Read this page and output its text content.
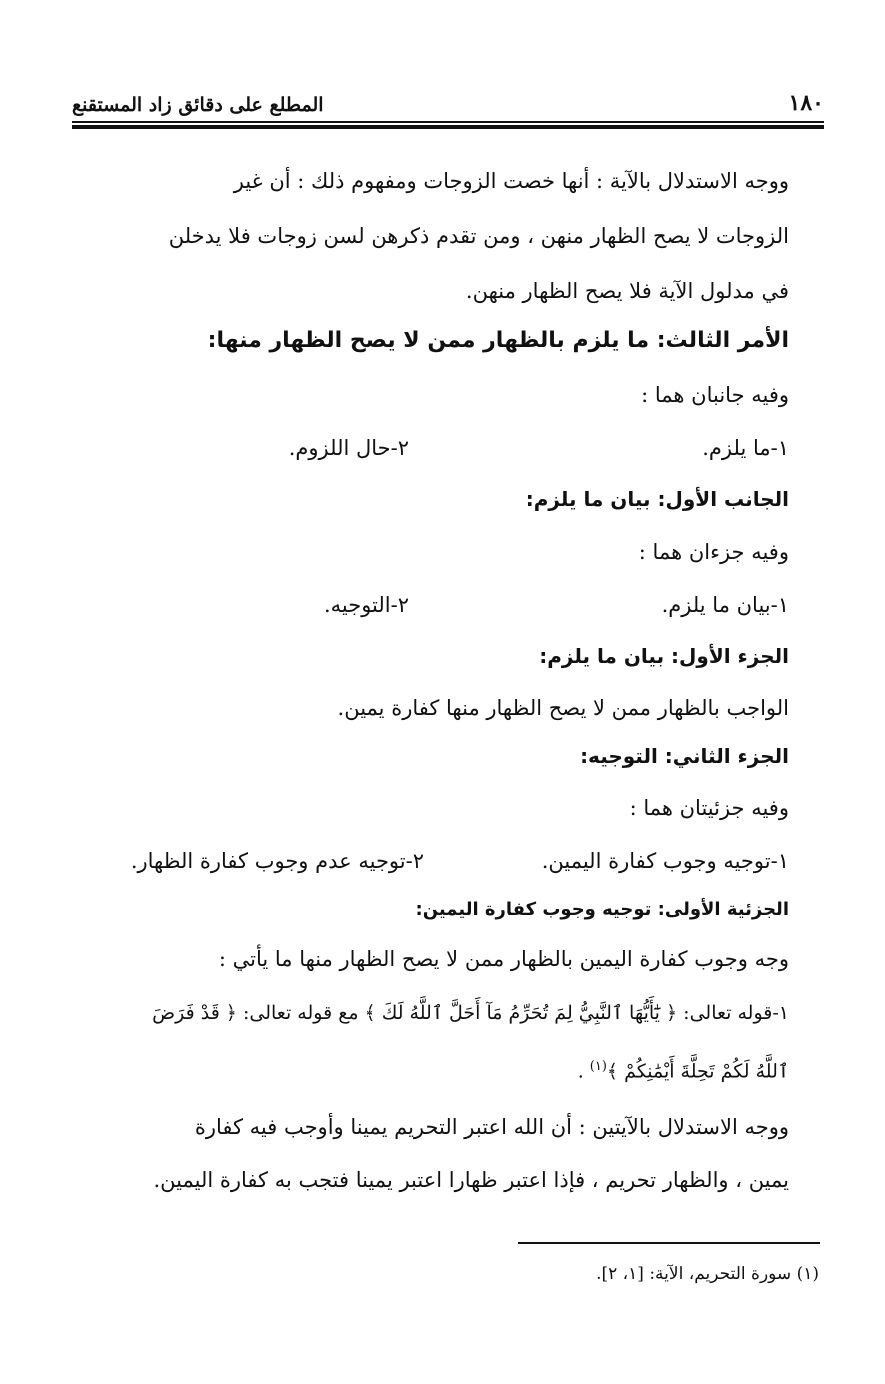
١٨٠
المطلع على دقائق زاد المستقنع
ووجه الاستدلال بالآية : أنها خصت الزوجات ومفهوم ذلك : أن غير
الزوجات لا يصح الظهار منهن ، ومن تقدم ذكرهن لسن زوجات فلا يدخلن
في مدلول الآية فلا يصح الظهار منهن.
الأمر الثالث: ما يلزم بالظهار ممن لا يصح الظهار منها:
وفيه جانبان هما :
١-ما يلزم.
٢-حال اللزوم.
الجانب الأول: بيان ما يلزم:
وفيه جزءان هما :
١-بيان ما يلزم.
٢-التوجيه.
الجزء الأول: بيان ما يلزم:
الواجب بالظهار ممن لا يصح الظهار منها كفارة يمين.
الجزء الثاني: التوجيه:
وفيه جزئيتان هما :
١-توجيه وجوب كفارة اليمين.
٢-توجيه عدم وجوب كفارة الظهار.
الجزئية الأولى: توجيه وجوب كفارة اليمين:
وجه وجوب كفارة اليمين بالظهار ممن لا يصح الظهار منها ما يأتي :
١-قوله تعالى: ﴿ يَٰٓأَيُّهَا ٱلنَّبِيُّ لِمَ تُحَرِّمُ مَآ أَحَلَّ ٱللَّهُ لَكَ ﴾ مع قوله تعالى: ﴿ قَدْ فَرَضَ
ٱللَّهُ لَكُمْ تَحِلَّةَ أَيْمَٰنِكُمْ ﴾$^{(١)}$ .
ووجه الاستدلال بالآيتين : أن الله اعتبر التحريم يمينا وأوجب فيه كفارة
يمين ، والظهار تحريم ، فإذا اعتبر ظهارا اعتبر يمينا فتجب به كفارة اليمين.
(١) سورة التحريم، الآية: [١، ٢].
